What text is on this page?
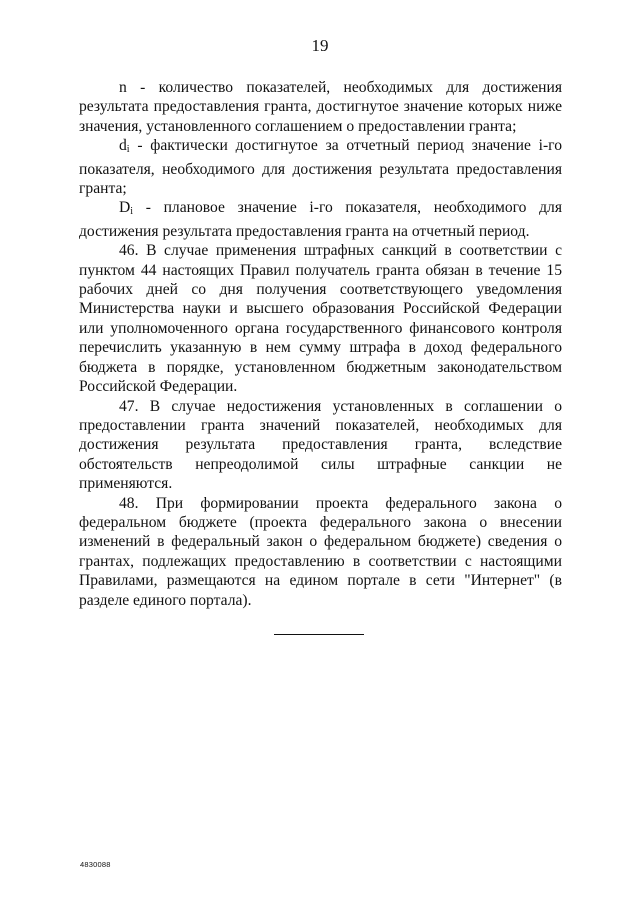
19

n - количество показателей, необходимых для достижения результата предоставления гранта, достигнутое значение которых ниже значения, установленного соглашением о предоставлении гранта;

$d_i$ - фактически достигнутое за отчетный период значение i-го показателя, необходимого для достижения результата предоставления гранта;

$D_i$ - плановое значение i-го показателя, необходимого для достижения результата предоставления гранта на отчетный период.

46. В случае применения штрафных санкций в соответствии с пунктом 44 настоящих Правил получатель гранта обязан в течение 15 рабочих дней со дня получения соответствующего уведомления Министерства науки и высшего образования Российской Федерации или уполномоченного органа государственного финансового контроля перечислить указанную в нем сумму штрафа в доход федерального бюджета в порядке, установленном бюджетным законодательством Российской Федерации.

47. В случае недостижения установленных в соглашении о предоставлении гранта значений показателей, необходимых для достижения результата предоставления гранта, вследствие обстоятельств непреодолимой силы штрафные санкции не применяются.

48. При формировании проекта федерального закона о федеральном бюджете (проекта федерального закона о внесении изменений в федеральный закон о федеральном бюджете) сведения о грантах, подлежащих предоставлению в соответствии с настоящими Правилами, размещаются на едином портале в сети "Интернет" (в разделе единого портала).

4830088
